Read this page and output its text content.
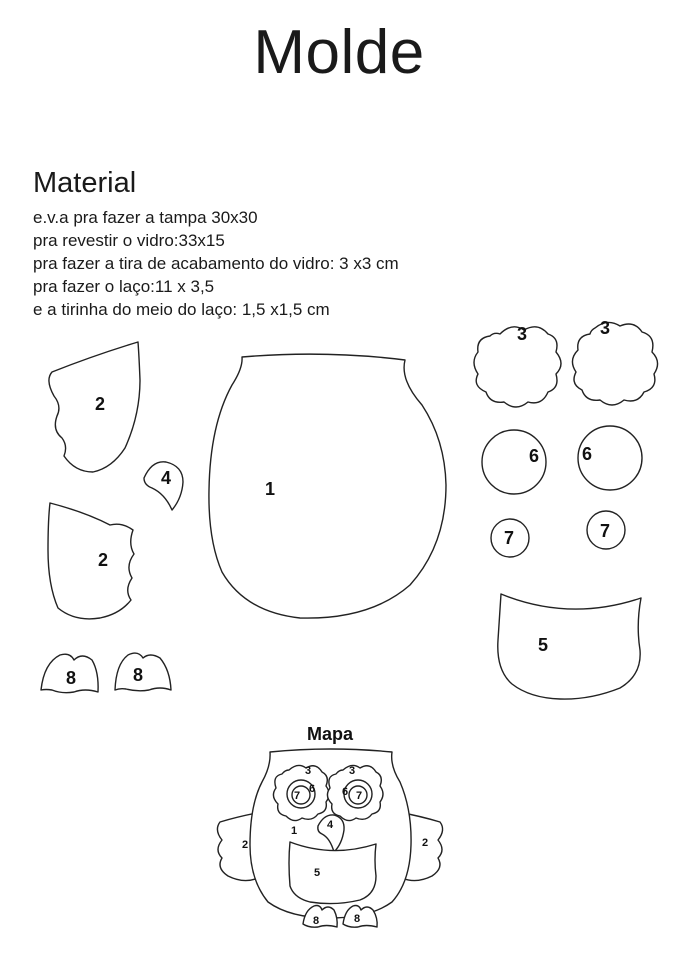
Molde
Material
e.v.a pra fazer a tampa 30x30
pra revestir o vidro:33x15
pra fazer a tira de acabamento do vidro: 3 x3 cm
pra fazer o laço:11 x 3,5
e a tirinha do meio do laço: 1,5 x1,5 cm
1
2
2
4
8	8
3	3
6 6
7	7
5
Mapa
3	3
7
6 6 7
1	4
2	2
5
8	8
